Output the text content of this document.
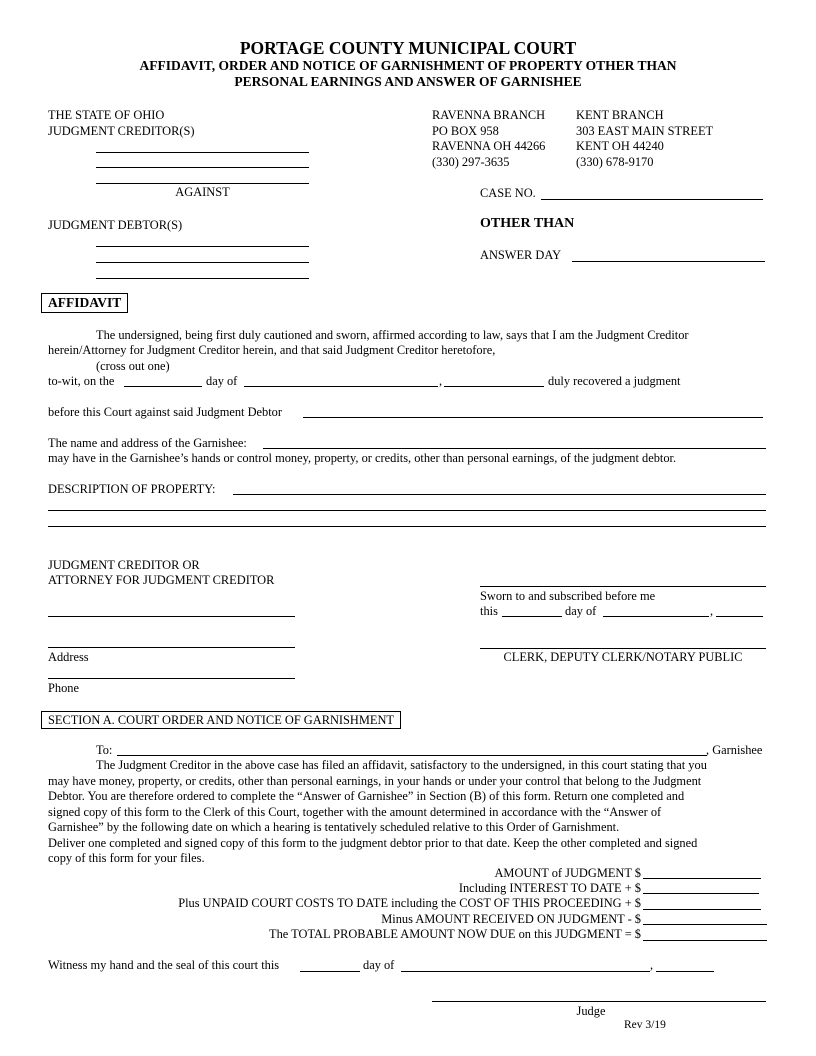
PORTAGE COUNTY MUNICIPAL COURT
AFFIDAVIT, ORDER AND NOTICE OF GARNISHMENT OF PROPERTY OTHER THAN
PERSONAL EARNINGS AND ANSWER OF GARNISHEE
THE STATE OF OHIO
JUDGMENT CREDITOR(S)
AGAINST
JUDGMENT DEBTOR(S)
RAVENNA BRANCH
PO BOX 958
RAVENNA OH 44266
(330) 297-3635
KENT BRANCH
303 EAST MAIN STREET
KENT OH 44240
(330) 678-9170
CASE NO.
OTHER THAN
ANSWER DAY
AFFIDAVIT
The undersigned, being first duly cautioned and sworn, affirmed according to law, says that I am the Judgment Creditor
herein/Attorney for Judgment Creditor herein, and that said Judgment Creditor heretofore,
(cross out one)
to-wit, on the	day of	,	duly recovered a judgment
before this Court against said Judgment Debtor
The name and address of the Garnishee:
may have in the Garnishee’s hands or control money, property, or credits, other than personal earnings, of the judgment debtor.
DESCRIPTION OF PROPERTY:
JUDGMENT CREDITOR OR
ATTORNEY FOR JUDGMENT CREDITOR
Address
Phone
Sworn to and subscribed before me
this	day of	,
CLERK, DEPUTY CLERK/NOTARY PUBLIC
SECTION A. COURT ORDER AND NOTICE OF GARNISHMENT
To:	, Garnishee
The Judgment Creditor in the above case has filed an affidavit, satisfactory to the undersigned, in this court stating that you
may have money, property, or credits, other than personal earnings, in your hands or under your control that belong to the Judgment
Debtor. You are therefore ordered to complete the “Answer of Garnishee” in Section (B) of this form. Return one completed and
signed copy of this form to the Clerk of this Court, together with the amount determined in accordance with the “Answer of
Garnishee” by the following date on which a hearing is tentatively scheduled relative to this Order of Garnishment.
Deliver one completed and signed copy of this form to the judgment debtor prior to that date. Keep the other completed and signed
copy of this form for your files.
AMOUNT of JUDGMENT $
Including INTEREST TO DATE + $
Plus UNPAID COURT COSTS TO DATE including the COST OF THIS PROCEEDING + $
Minus AMOUNT RECEIVED ON JUDGMENT - $
The TOTAL PROBABLE AMOUNT NOW DUE on this JUDGMENT = $
Witness my hand and the seal of this court this	day of	,
Judge
Rev 3/19
